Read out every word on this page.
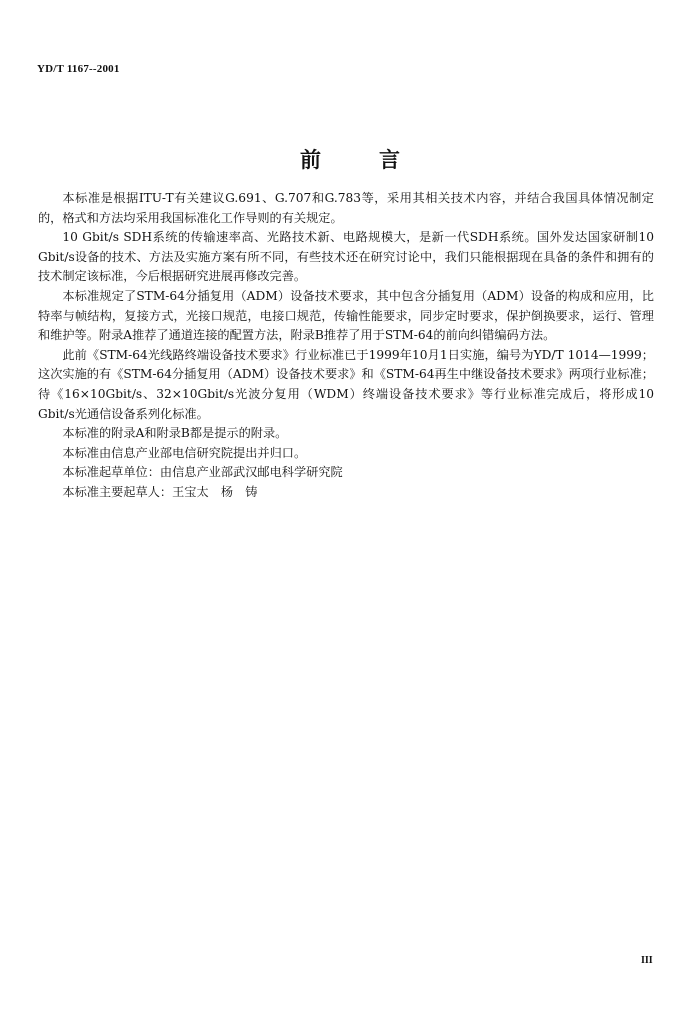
YD/T 1167--2001
前	言

本标准是根据ITU-T有关建议G.691、G.707和G.783等，采用其相关技术内容，并结合我国具体情况制定的，格式和方法均采用我国标准化工作导则的有关规定。

10 Gbit/s SDH系统的传输速率高、光路技术新、电路规模大，是新一代SDH系统。国外发达国家研制10 Gbit/s设备的技术、方法及实施方案有所不同，有些技术还在研究讨论中，我们只能根据现在具备的条件和拥有的技术制定该标准，今后根据研究进展再修改完善。

本标准规定了STM-64分插复用（ADM）设备技术要求，其中包含分插复用（ADM）设备的构成和应用，比特率与帧结构，复接方式，光接口规范，电接口规范，传输性能要求，同步定时要求，保护倒换要求，运行、管理和维护等。附录A推荐了通道连接的配置方法，附录B推荐了用于STM-64的前向纠错编码方法。

此前《STM-64光线路终端设备技术要求》行业标准已于1999年10月1日实施，编号为YD/T 1014—1999；这次实施的有《STM-64分插复用（ADM）设备技术要求》和《STM-64再生中继设备技术要求》两项行业标准；待《16×10Gbit/s、32×10Gbit/s光波分复用（WDM）终端设备技术要求》等行业标准完成后，将形成10 Gbit/s光通信设备系列化标准。

本标准的附录A和附录B都是提示的附录。

本标准由信息产业部电信研究院提出并归口。

本标准起草单位：由信息产业部武汉邮电科学研究院

本标准主要起草人：王宝太　杨　铸

III
